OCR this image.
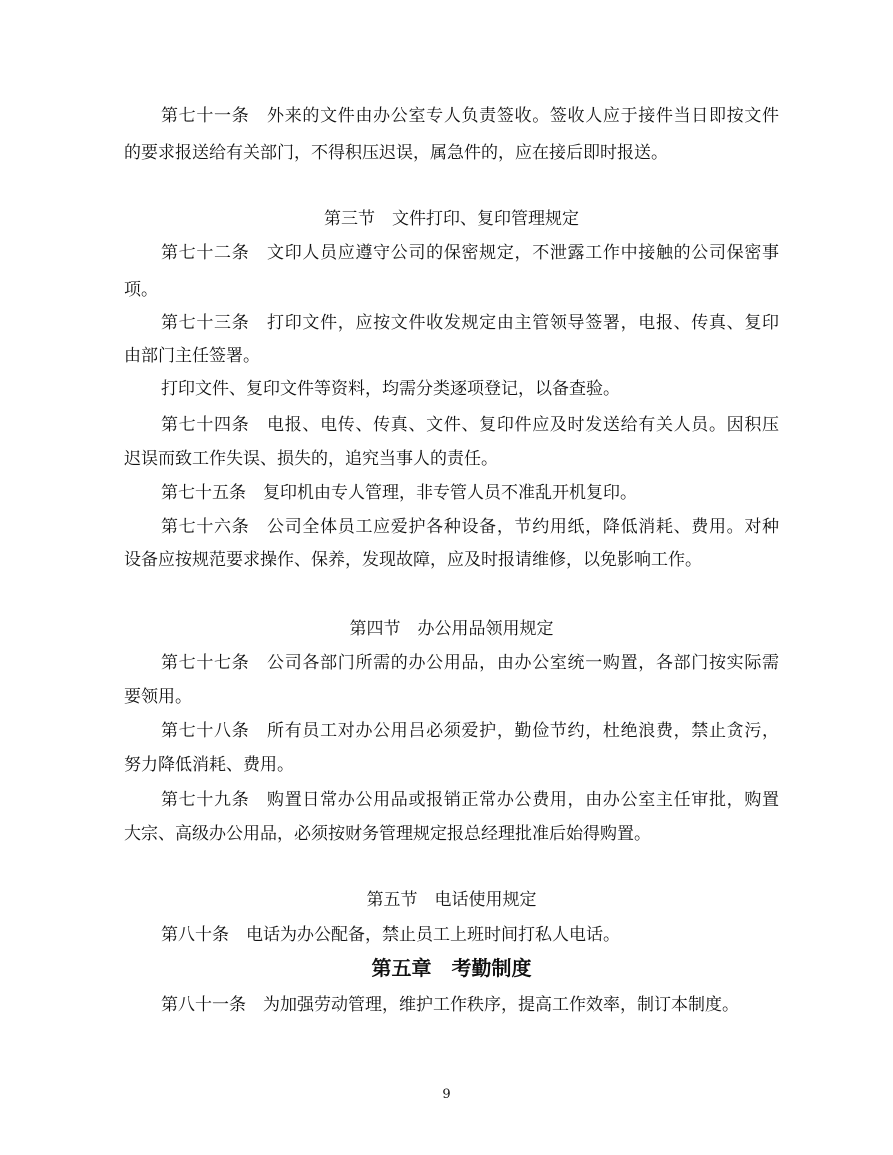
第七十一条　外来的文件由办公室专人负责签收。签收人应于接件当日即按文件
的要求报送给有关部门，不得积压迟误，属急件的，应在接后即时报送。
第三节　文件打印、复印管理规定
第七十二条　文印人员应遵守公司的保密规定，不泄露工作中接触的公司保密事
项。
第七十三条　打印文件，应按文件收发规定由主管领导签署，电报、传真、复印
由部门主任签署。
打印文件、复印文件等资料，均需分类逐项登记，以备查验。
第七十四条　电报、电传、传真、文件、复印件应及时发送给有关人员。因积压
迟误而致工作失误、损失的，追究当事人的责任。
第七十五条　复印机由专人管理，非专管人员不准乱开机复印。
第七十六条　公司全体员工应爱护各种设备，节约用纸，降低消耗、费用。对种
设备应按规范要求操作、保养，发现故障，应及时报请维修，以免影响工作。
第四节　办公用品领用规定
第七十七条　公司各部门所需的办公用品，由办公室统一购置，各部门按实际需
要领用。
第七十八条　所有员工对办公用吕必须爱护，勤俭节约，杜绝浪费，禁止贪污，
努力降低消耗、费用。
第七十九条　购置日常办公用品或报销正常办公费用，由办公室主任审批，购置
大宗、高级办公用品，必须按财务管理规定报总经理批准后始得购置。
第五节　电话使用规定
第八十条　电话为办公配备，禁止员工上班时间打私人电话。
第五章　考勤制度
第八十一条　为加强劳动管理，维护工作秩序，提高工作效率，制订本制度。
9
